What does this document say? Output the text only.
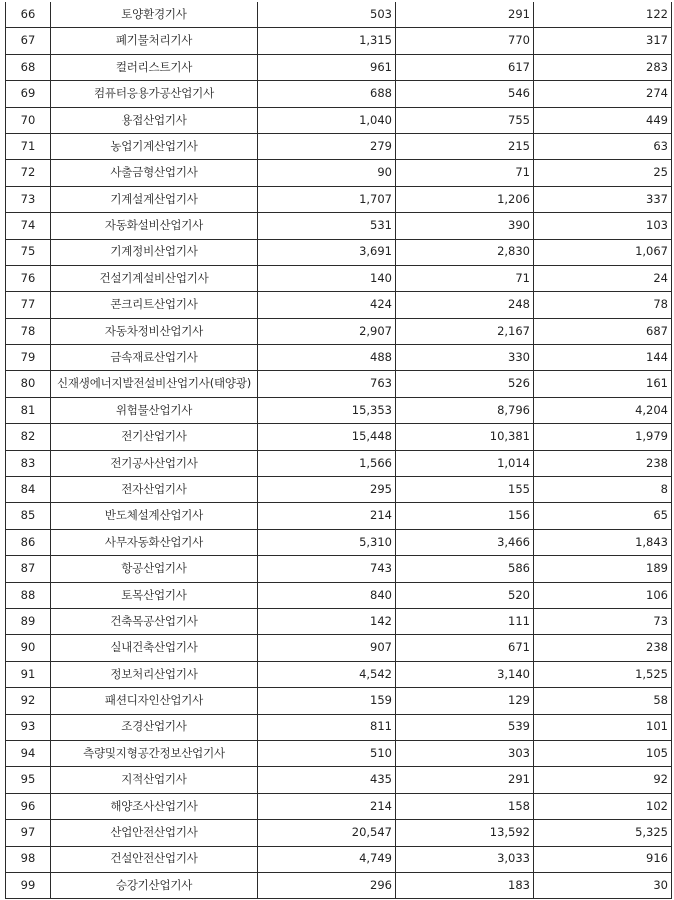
66	토양환경기사	503	291	122
67	폐기물처리기사	1,315	770	317
68	컬러리스트기사	961	617	283
69	컴퓨터응용가공산업기사	688	546	274
70	용접산업기사	1,040	755	449
71	농업기계산업기사	279	215	63
72	사출금형산업기사	90	71	25
73	기계설계산업기사	1,707	1,206	337
74	자동화설비산업기사	531	390	103
75	기계정비산업기사	3,691	2,830	1,067
76	건설기계설비산업기사	140	71	24
77	콘크리트산업기사	424	248	78
78	자동차정비산업기사	2,907	2,167	687
79	금속재료산업기사	488	330	144
80	신재생에너지발전설비산업기사(태양광)	763	526	161
81	위험물산업기사	15,353	8,796	4,204
82	전기산업기사	15,448	10,381	1,979
83	전기공사산업기사	1,566	1,014	238
84	전자산업기사	295	155	8
85	반도체설계산업기사	214	156	65
86	사무자동화산업기사	5,310	3,466	1,843
87	항공산업기사	743	586	189
88	토목산업기사	840	520	106
89	건축목공산업기사	142	111	73
90	실내건축산업기사	907	671	238
91	정보처리산업기사	4,542	3,140	1,525
92	패션디자인산업기사	159	129	58
93	조경산업기사	811	539	101
94	측량및지형공간정보산업기사	510	303	105
95	지적산업기사	435	291	92
96	해양조사산업기사	214	158	102
97	산업안전산업기사	20,547	13,592	5,325
98	건설안전산업기사	4,749	3,033	916
99	승강기산업기사	296	183	30
